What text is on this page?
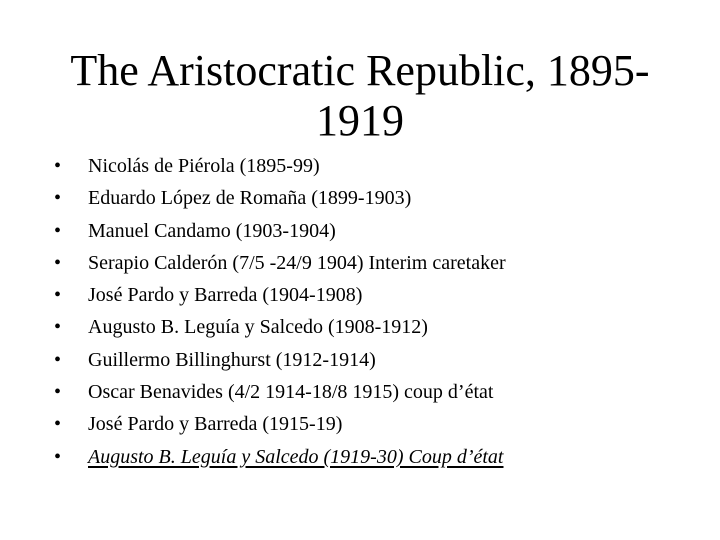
The Aristocratic Republic, 1895-
1919
•	Nicolás de Piérola (1895-99)
•	Eduardo López de Romaña (1899-1903)
•	Manuel Candamo (1903-1904)
•	Serapio Calderón (7/5 -24/9 1904) Interim caretaker
•	José Pardo y Barreda (1904-1908)
•	Augusto B. Leguía y Salcedo (1908-1912)
•	Guillermo Billinghurst (1912-1914)
•	Oscar Benavides (4/2 1914-18/8 1915) coup d’état
•	José Pardo y Barreda (1915-19)
•	Augusto B. Leguía y Salcedo (1919-30) Coup d’état
